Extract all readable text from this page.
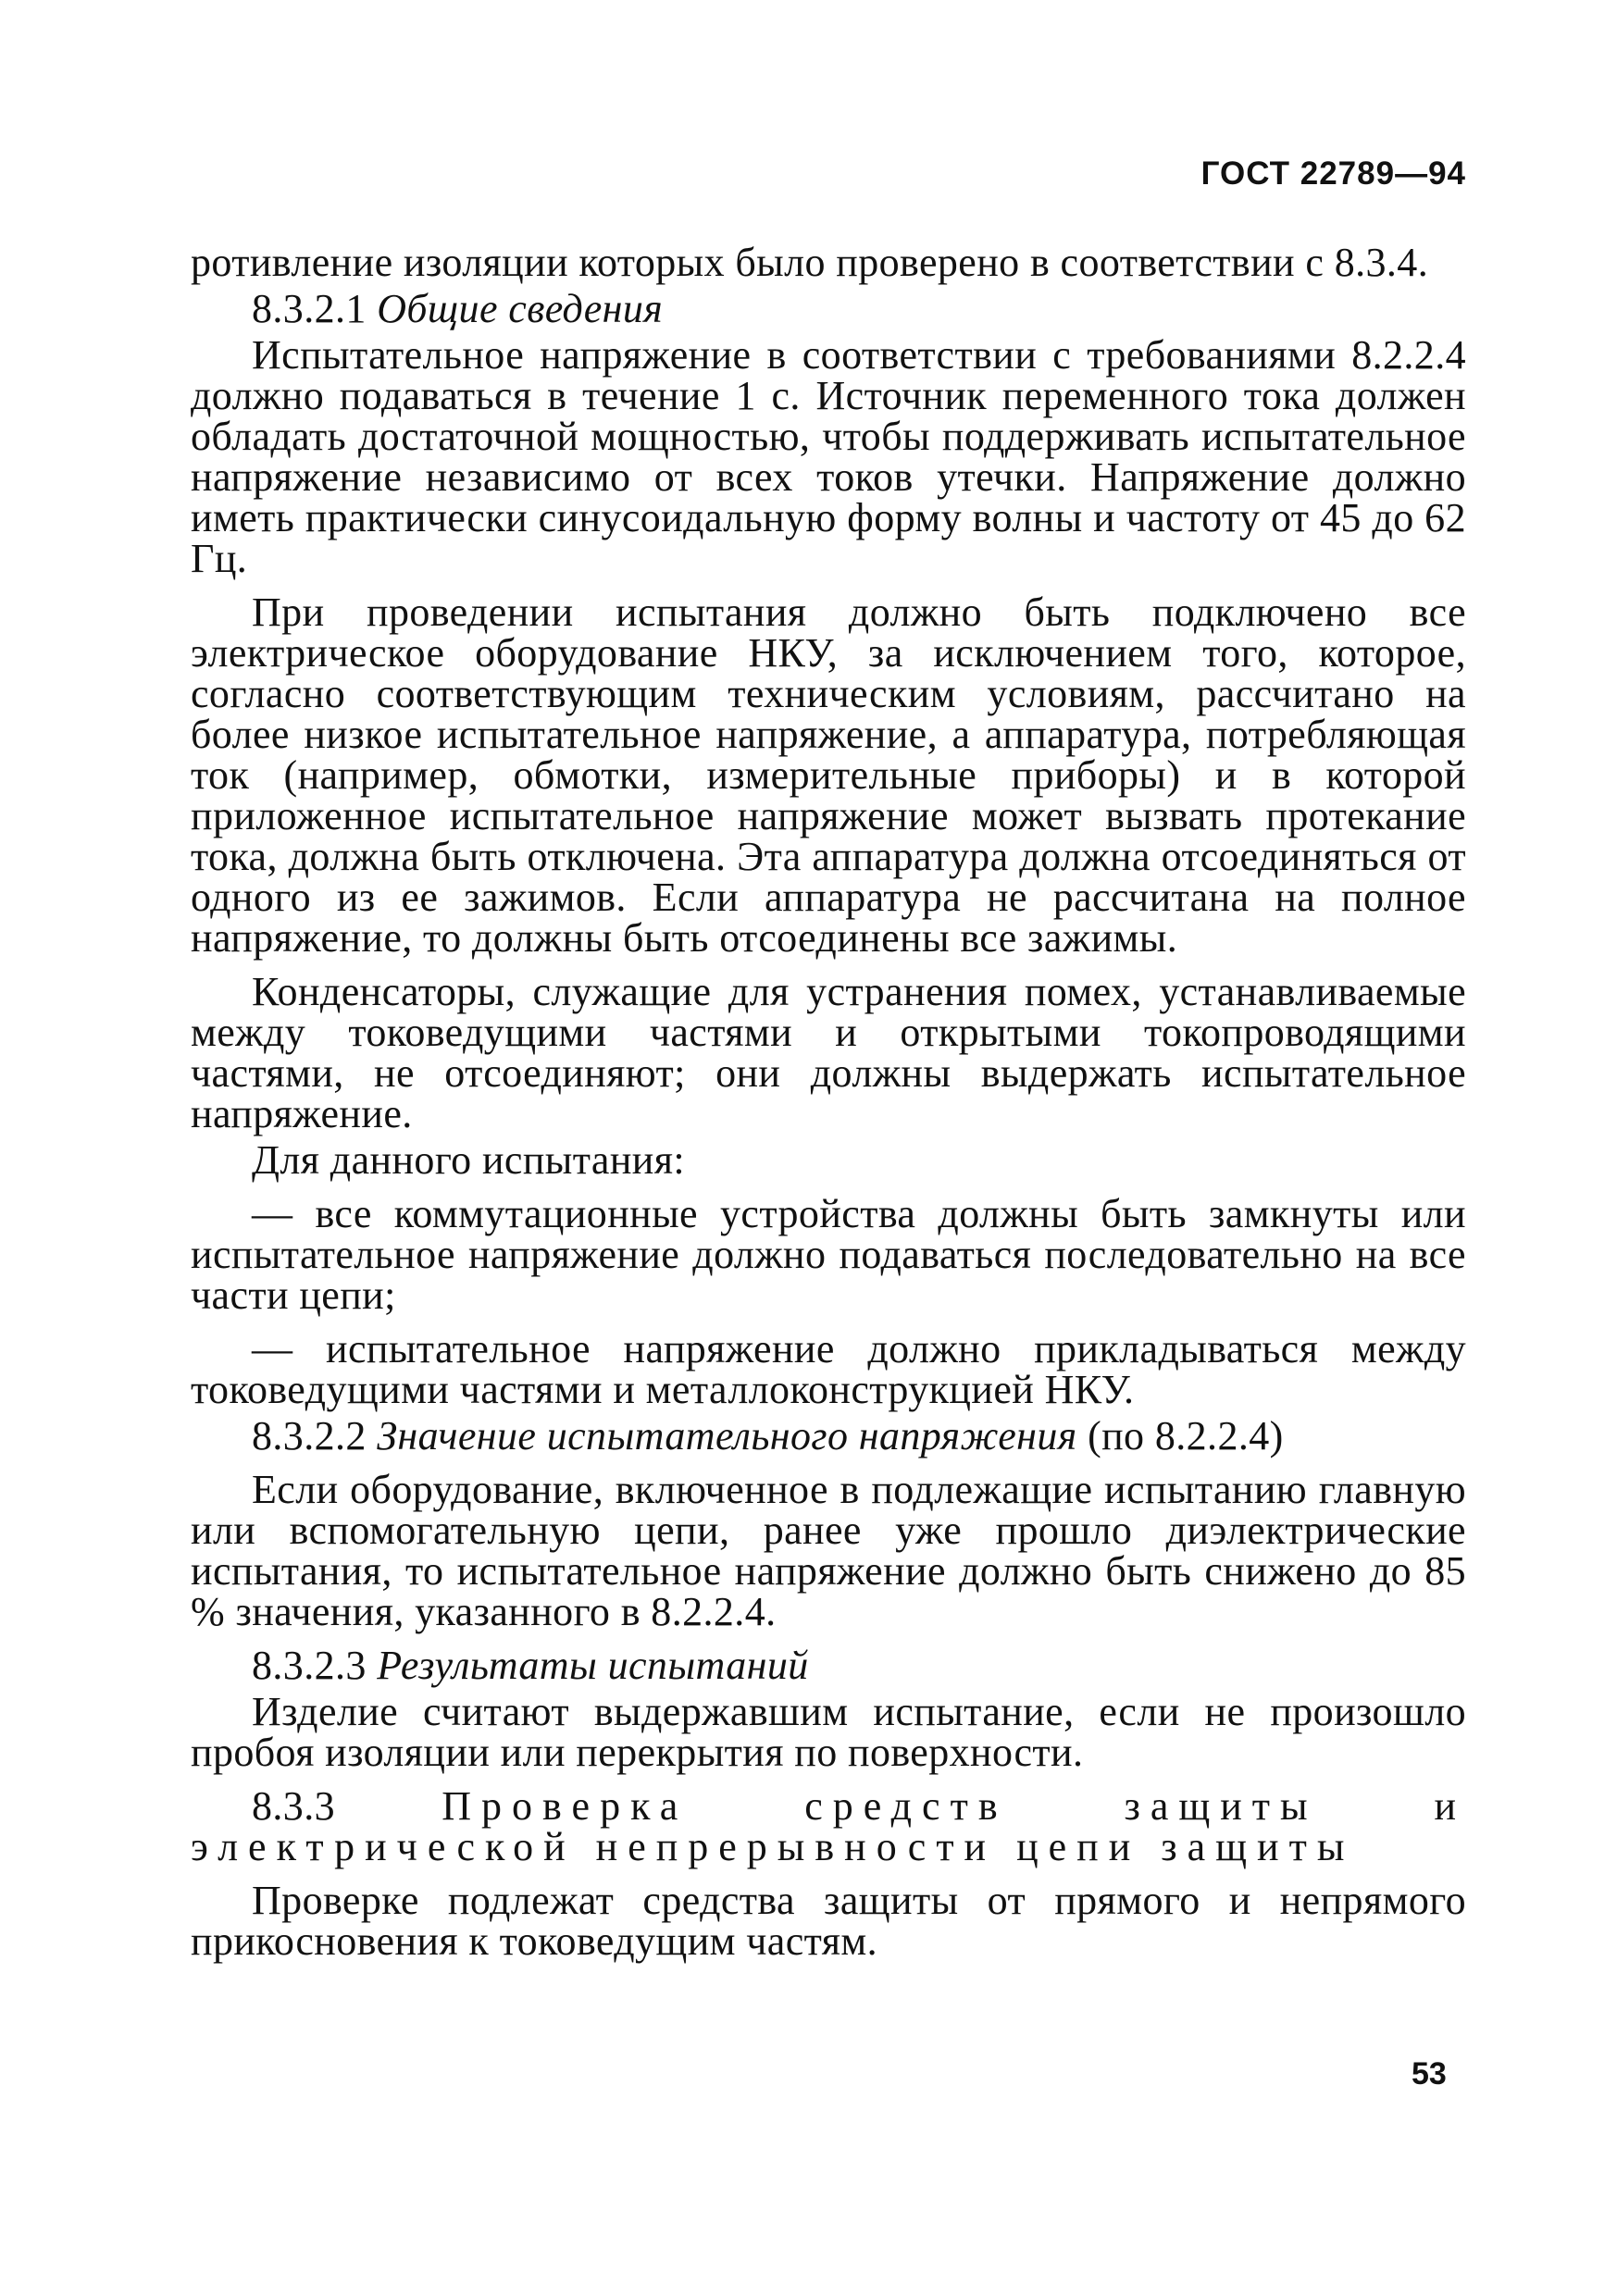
ГОСТ 22789—94

ротивление изоляции которых было проверено в соответствии с 8.3.4.

8.3.2.1 Общие сведения

Испытательное напряжение в соответствии с требованиями 8.2.2.4 должно подаваться в течение 1 с. Источник переменного тока должен обладать достаточной мощностью, чтобы поддерживать испытательное напряжение независимо от всех токов утечки. Напряжение должно иметь практически синусоидальную форму волны и частоту от 45 до 62 Гц.

При проведении испытания должно быть подключено все электрическое оборудование НКУ, за исключением того, которое, согласно соответствующим техническим условиям, рассчитано на более низкое испытательное напряжение, а аппаратура, потребляющая ток (например, обмотки, измерительные приборы) и в которой приложенное испытательное напряжение может вызвать протекание тока, должна быть отключена. Эта аппаратура должна отсоединяться от одного из ее зажимов. Если аппаратура не рассчитана на полное напряжение, то должны быть отсоединены все зажимы.

Конденсаторы, служащие для устранения помех, устанавливаемые между токоведущими частями и открытыми токопроводящими частями, не отсоединяют; они должны выдержать испытательное напряжение.

Для данного испытания:

— все коммутационные устройства должны быть замкнуты или испытательное напряжение должно подаваться последовательно на все части цепи;

— испытательное напряжение должно прикладываться между токоведущими частями и металлоконструкцией НКУ.

8.3.2.2 Значение испытательного напряжения (по 8.2.2.4)

Если оборудование, включенное в подлежащие испытанию главную или вспомогательную цепи, ранее уже прошло диэлектрические испытания, то испытательное напряжение должно быть снижено до 85 % значения, указанного в 8.2.2.4.

8.3.2.3 Результаты испытаний

Изделие считают выдержавшим испытание, если не произошло пробоя изоляции или перекрытия по поверхности.

8.3.3	Проверка средств защиты и электрической непрерывности цепи защиты

Проверке подлежат средства защиты от прямого и непрямого прикосновения к токоведущим частям.

53
